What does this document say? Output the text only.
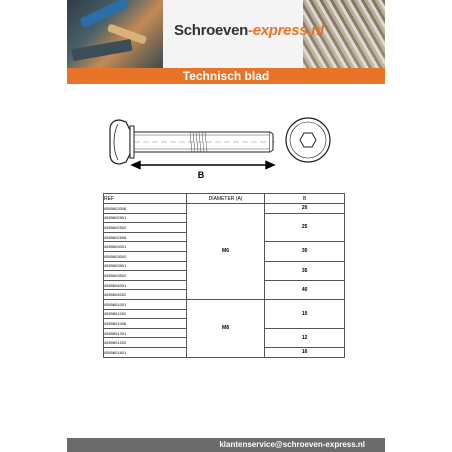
Schroeven-express.nl
Technisch blad
B
REF	DIAMETER (A)	B
4559602008	M6	20
4559602501		25
4559602502		
4559602506		
4559603001		30
4559603002		
4559603501		35
4559603502		
4559604001		40
4559604002		
4559801001	M8	10
4559801002		
4559801006		
4559801201		12
4559801202		
4559801601		16
klantenservice@schroeven-express.nl
